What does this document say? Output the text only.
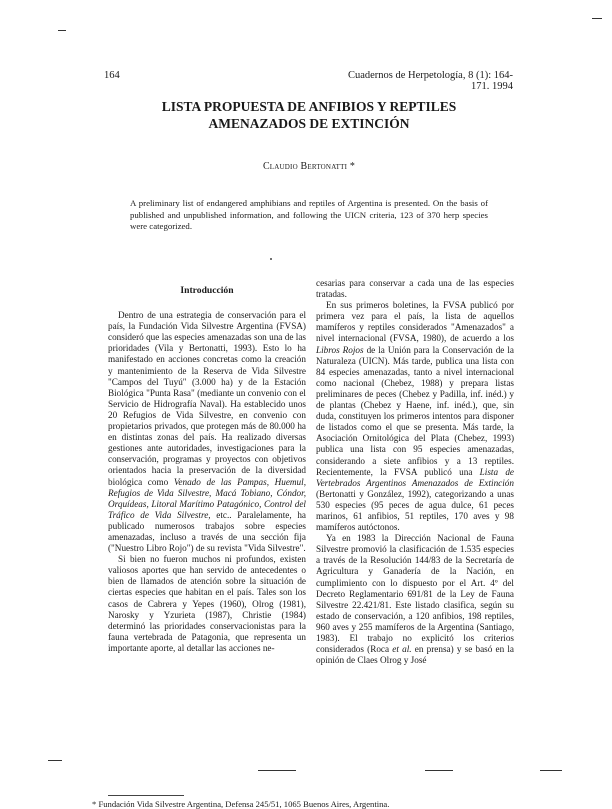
164	Cuadernos de Herpetología, 8 (1): 164-171. 1994
LISTA PROPUESTA DE ANFIBIOS Y REPTILES
AMENAZADOS DE EXTINCIÓN
Claudio Bertonatti *
A preliminary list of endangered amphibians and reptiles of Argentina is presented. On the basis of published and unpublished information, and following the UICN criteria, 123 of 370 herp species were categorized.

Introducción

Dentro de una estrategia de conservación para el país, la Fundación Vida Silvestre Argentina (FVSA) consideró que las especies amenazadas son una de las prioridades (Vila y Bertonatti, 1993). Esto lo ha manifestado en acciones concretas como la creación y mantenimiento de la Reserva de Vida Silvestre "Campos del Tuyú" (3.000 ha) y de la Estación Biológica "Punta Rasa" (mediante un convenio con el Servicio de Hidrografía Naval). Ha establecido unos 20 Refugios de Vida Silvestre, en convenio con propietarios privados, que protegen más de 80.000 ha en distintas zonas del país. Ha realizado diversas gestiones ante autoridades, investigaciones para la conservación, programas y proyectos con objetivos orientados hacia la preservación de la diversidad biológica como Venado de las Pampas, Huemul, Refugios de Vida Silvestre, Macá Tobiano, Cóndor, Orquídeas, Litoral Marítimo Patagónico, Control del Tráfico de Vida Silvestre, etc.. Paralelamente, ha publicado numerosos trabajos sobre especies amenazadas, incluso a través de una sección fija ("Nuestro Libro Rojo") de su revista "Vida Silvestre".

Si bien no fueron muchos ni profundos, existen valiosos aportes que han servido de antecedentes o bien de llamados de atención sobre la situación de ciertas especies que habitan en el país. Tales son los casos de Cabrera y Yepes (1960), Olrog (1981), Narosky y Yzurieta (1987), Christie (1984) determinó las prioridades conservacionistas para la fauna vertebrada de Patagonia, que representa un importante aporte, al detallar las acciones ne-

cesarias para conservar a cada una de las especies tratadas.

En sus primeros boletines, la FVSA publicó por primera vez para el país, la lista de aquellos mamíferos y reptiles considerados "Amenazados" a nivel internacional (FVSA, 1980), de acuerdo a los Libros Rojos de la Unión para la Conservación de la Naturaleza (UICN). Más tarde, publica una lista con 84 especies amenazadas, tanto a nivel internacional como nacional (Chebez, 1988) y prepara listas preliminares de peces (Chebez y Padilla, inf. inéd.) y de plantas (Chebez y Haene, inf. inéd.), que, sin duda, constituyen los primeros intentos para disponer de listados como el que se presenta. Más tarde, la Asociación Ornitológica del Plata (Chebez, 1993) publica una lista con 95 especies amenazadas, considerando a siete anfibios y a 13 reptiles. Recientemente, la FVSA publicó una Lista de Vertebrados Argentinos Amenazados de Extinción (Bertonatti y González, 1992), categorizando a unas 530 especies (95 peces de agua dulce, 61 peces marinos, 61 anfibios, 51 reptiles, 170 aves y 98 mamíferos autóctonos.

Ya en 1983 la Dirección Nacional de Fauna Silvestre promovió la clasificación de 1.535 especies a través de la Resolución 144/83 de la Secretaría de Agricultura y Ganadería de la Nación, en cumplimiento con lo dispuesto por el Art. 4º del Decreto Reglamentario 691/81 de la Ley de Fauna Silvestre 22.421/81. Este listado clasifica, según su estado de conservación, a 120 anfibios, 198 reptiles, 960 aves y 255 mamíferos de la Argentina (Santiago, 1983). El trabajo no explicitó los criterios considerados (Roca et al. en prensa) y se basó en la opinión de Claes Olrog y José

* Fundación Vida Silvestre Argentina, Defensa 245/51, 1065 Buenos Aires, Argentina.
